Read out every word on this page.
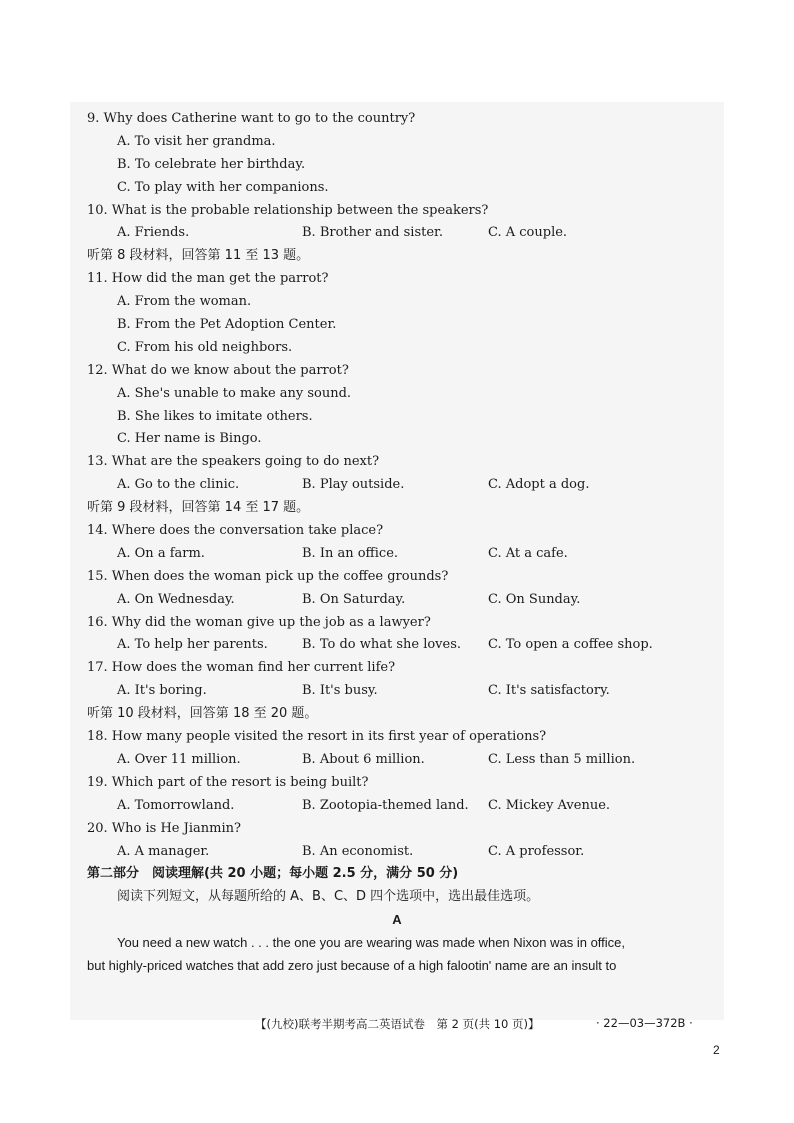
9. Why does Catherine want to go to the country?
A. To visit her grandma.
B. To celebrate her birthday.
C. To play with her companions.
10. What is the probable relationship between the speakers?
A. Friends.	B. Brother and sister.	C. A couple.
听第 8 段材料，回答第 11 至 13 题。
11. How did the man get the parrot?
A. From the woman.
B. From the Pet Adoption Center.
C. From his old neighbors.
12. What do we know about the parrot?
A. She's unable to make any sound.
B. She likes to imitate others.
C. Her name is Bingo.
13. What are the speakers going to do next?
A. Go to the clinic.	B. Play outside.	C. Adopt a dog.
听第 9 段材料，回答第 14 至 17 题。
14. Where does the conversation take place?
A. On a farm.	B. In an office.	C. At a cafe.
15. When does the woman pick up the coffee grounds?
A. On Wednesday.	B. On Saturday.	C. On Sunday.
16. Why did the woman give up the job as a lawyer?
A. To help her parents.	B. To do what she loves. C. To open a coffee shop.
17. How does the woman find her current life?
A. It's boring.	B. It's busy.	C. It's satisfactory.
听第 10 段材料，回答第 18 至 20 题。
18. How many people visited the resort in its first year of operations?
A. Over 11 million.	B. About 6 million.	C. Less than 5 million.
19. Which part of the resort is being built?
A. Tomorrowland.	B. Zootopia-themed land. C. Mickey Avenue.
20. Who is He Jianmin?
A. A manager.	B. An economist.	C. A professor.
第二部分　阅读理解(共 20 小题；每小题 2.5 分，满分 50 分)
阅读下列短文，从每题所给的 A、B、C、D 四个选项中，选出最佳选项。
A
You need a new watch . . . the one you are wearing was made when Nixon was in office,
but highly-priced watches that add zero just because of a high falootin' name are an insult to
【(九校)联考半期考高二英语试卷　第 2 页(共 10 页)】	· 22—03—372B ·
2
